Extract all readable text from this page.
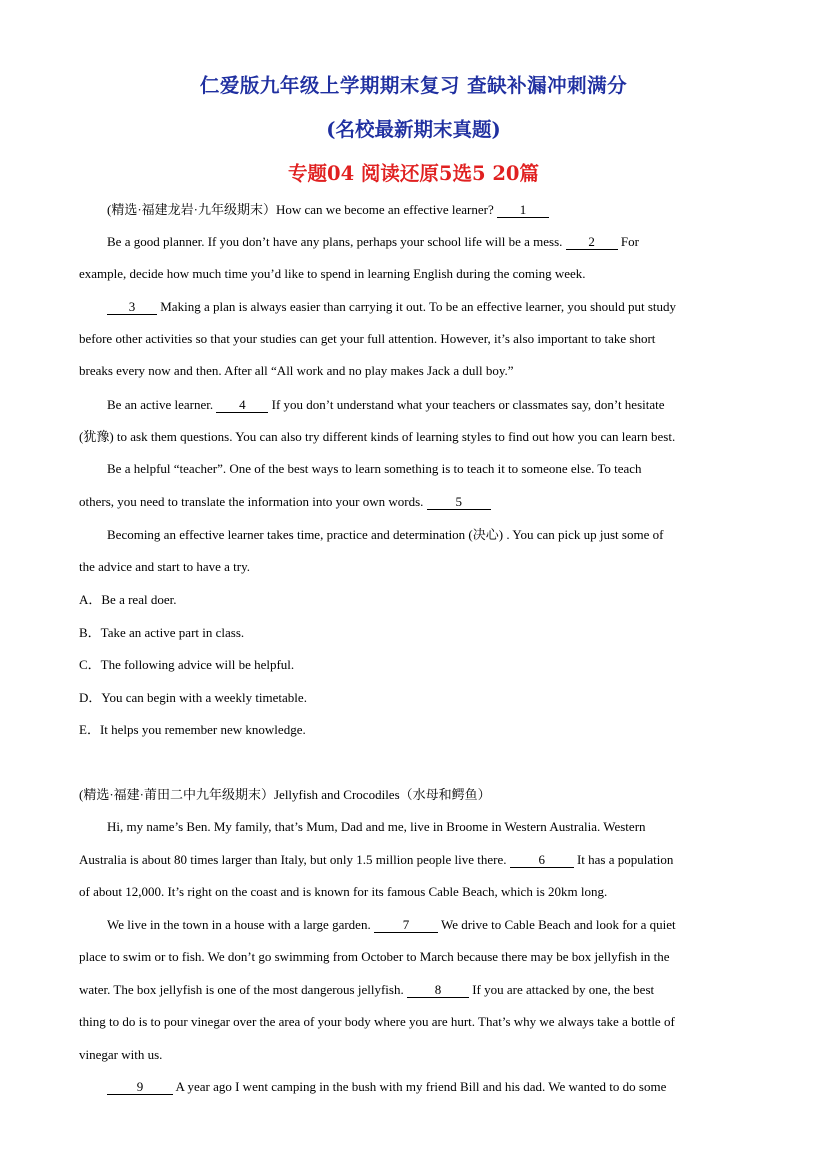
仁爱版九年级上学期期末复习 查缺补漏冲刺满分
(名校最新期末真题)
专题04 阅读还原5选5 20篇
(精选·福建龙岩·九年级期末）How can we become an effective learner? 1
Be a good planner. If you don’t have any plans, perhaps your school life will be a mess. 2 For
example, decide how much time you’d like to spend in learning English during the coming week.
3 Making a plan is always easier than carrying it out. To be an effective learner, you should put study
before other activities so that your studies can get your full attention. However, it’s also important to take short
breaks every now and then. After all “All work and no play makes Jack a dull boy.”
Be an active learner. 4 If you don’t understand what your teachers or classmates say, don’t hesitate
(犹豫) to ask them questions. You can also try different kinds of learning styles to find out how you can learn best.
Be a helpful “teacher”. One of the best ways to learn something is to teach it to someone else. To teach
others, you need to translate the information into your own words. 5
Becoming an effective learner takes time, practice and determination (决心) . You can pick up just some of
the advice and start to have a try.
A．Be a real doer.
B．Take an active part in class.
C．The following advice will be helpful.
D．You can begin with a weekly timetable.
E．It helps you remember new knowledge.
(精选·福建·莆田二中九年级期末）Jellyfish and Crocodiles（水母和鳄鱼）
Hi, my name’s Ben. My family, that’s Mum, Dad and me, live in Broome in Western Australia. Western
Australia is about 80 times larger than Italy, but only 1.5 million people live there. 6 It has a population
of about 12,000. It’s right on the coast and is known for its famous Cable Beach, which is 20km long.
We live in the town in a house with a large garden. 7 We drive to Cable Beach and look for a quiet
place to swim or to fish. We don’t go swimming from October to March because there may be box jellyfish in the
water. The box jellyfish is one of the most dangerous jellyfish. 8 If you are attacked by one, the best
thing to do is to pour vinegar over the area of your body where you are hurt. That’s why we always take a bottle of
vinegar with us.
9 A year ago I went camping in the bush with my friend Bill and his dad. We wanted to do some
